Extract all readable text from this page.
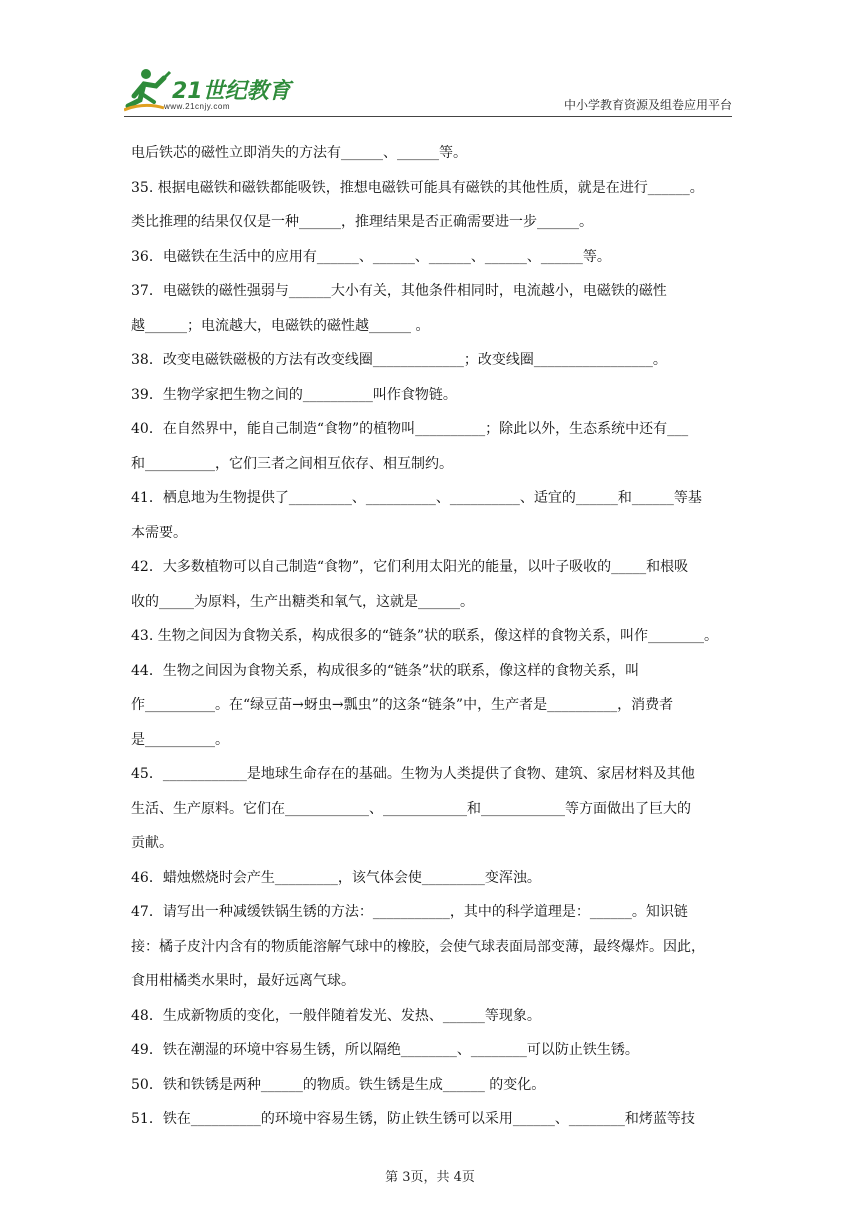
21世纪教育
www.21cnjy.com	中小学教育资源及组卷应用平台
电后铁芯的磁性立即消失的方法有______、______等。
35. 根据电磁铁和磁铁都能吸铁，推想电磁铁可能具有磁铁的其他性质，就是在进行______。
类比推理的结果仅仅是一种______，推理结果是否正确需要进一步______。
36．电磁铁在生活中的应用有______、______、______、______、______等。
37．电磁铁的磁性强弱与______大小有关，其他条件相同时，电流越小，电磁铁的磁性
越______；电流越大，电磁铁的磁性越______ 。
38．改变电磁铁磁极的方法有改变线圈_____________；改变线圈_________________。
39．生物学家把生物之间的__________叫作食物链。
40．在自然界中，能自己制造“食物”的植物叫__________；除此以外，生态系统中还有___
和__________，它们三者之间相互依存、相互制约。
41．栖息地为生物提供了_________、__________、__________、适宜的______和______等基
本需要。
42．大多数植物可以自己制造“食物”，它们利用太阳光的能量，以叶子吸收的_____和根吸
收的_____为原料，生产出糖类和氧气，这就是______。
43. 生物之间因为食物关系，构成很多的“链条”状的联系，像这样的食物关系，叫作________。
44．生物之间因为食物关系，构成很多的“链条”状的联系，像这样的食物关系，叫
作__________。在“绿豆苗→蚜虫→瓢虫”的这条“链条”中，生产者是__________，消费者
是__________。
45．____________是地球生命存在的基础。生物为人类提供了食物、建筑、家居材料及其他
生活、生产原料。它们在____________、____________和____________等方面做出了巨大的
贡献。
46．蜡烛燃烧时会产生_________，该气体会使_________变浑浊。
47．请写出一种减缓铁锅生锈的方法：___________，其中的科学道理是：______。知识链
接：橘子皮汁内含有的物质能溶解气球中的橡胶，会使气球表面局部变薄，最终爆炸。因此，
食用柑橘类水果时，最好远离气球。
48．生成新物质的变化，一般伴随着发光、发热、______等现象。
49．铁在潮湿的环境中容易生锈，所以隔绝________、________可以防止铁生锈。
50．铁和铁锈是两种______的物质。铁生锈是生成______ 的变化。
51．铁在__________的环境中容易生锈，防止铁生锈可以采用______、________和烤蓝等技
第 3页，共 4页
